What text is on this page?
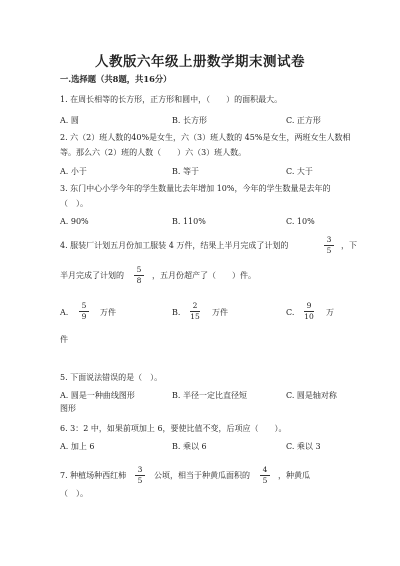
人教版六年级上册数学期末测试卷
一.选择题（共8题，共16分）
1. 在周长相等的长方形，正方形和圆中，（　　）的面积最大。
A. 圆	B. 长方形	C. 正方形
2. 六（2）班人数的40%是女生，六（3）班人数的 45%是女生，两班女生人数相
等。那么六（2）班的人数（　　）六（3）班人数。
A. 小于	B. 等于	C. 大于
3. 东门中心小学今年的学生数量比去年增加 10%，今年的学生数量是去年的
（　）。
A. 90%	B. 110%	C. 10%
4. 服装厂计划五月份加工服装 4 万件，结果上半月完成了计划的
3
5
，下
半月完成了计划的
5
8
，五月份超产了（　　）件。
A.
5
9	万件	B.
2
15 万件	C.
9
10 万
件
5. 下面说法错误的是（　）。
A. 圆是一种曲线图形	B. 半径一定比直径短	C. 圆是轴对称
图形
6. 3：2 中，如果前项加上 6，要使比值不变，后项应（　　）。
A. 加上 6	B. 乘以 6	C. 乘以 3
7. 种植场种西红柿
3
5
公顷，相当于种黄瓜面积的
4
5
，种黄瓜
（　）。
